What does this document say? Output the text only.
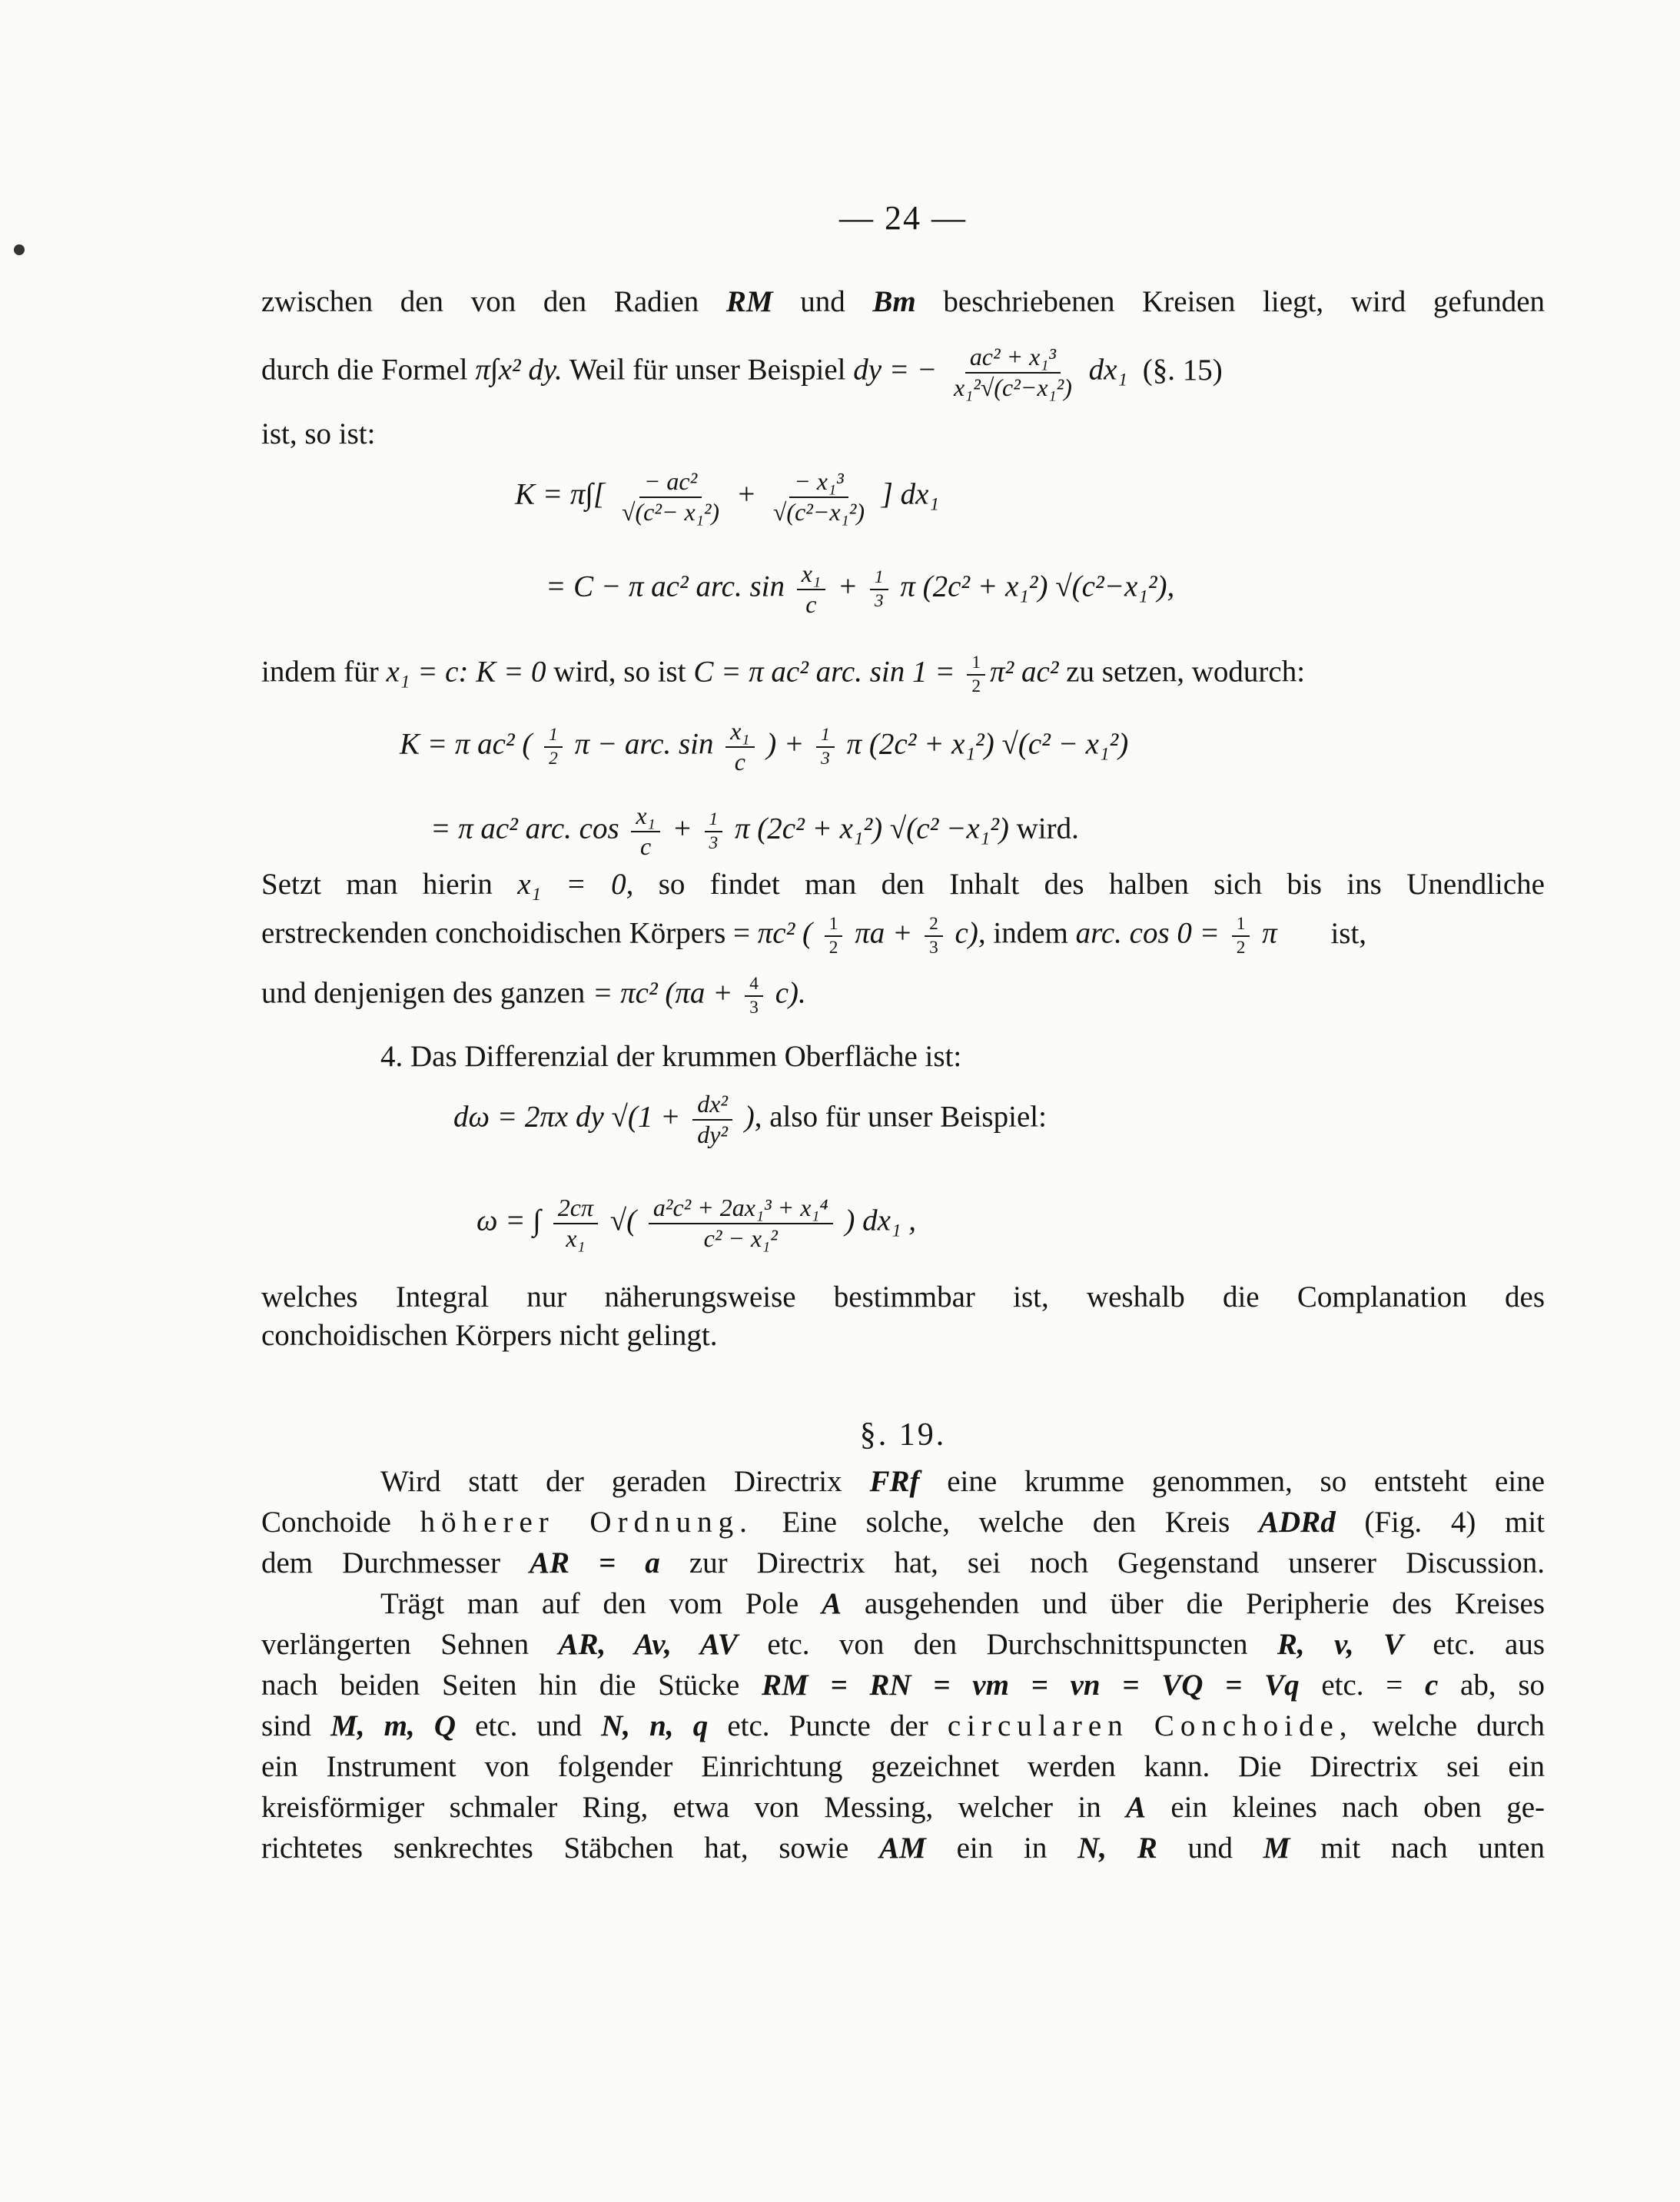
— 24 —
zwischen den von den Radien RM und Bm beschriebenen Kreisen liegt, wird gefunden
durch die Formel π∫x² dy. Weil für unser Beispiel dy = − $\frac{\text{ac² + x₁³}}{\text{x₁²√(c²−x₁²)}} dx_1$ (§. 15)
ist, so ist:
$K = \pi\int[ \frac{\text{− ac²}}{\text{√(c²− x₁²)}} + \frac{\text{− x₁³}}{\text{√(c²−x₁²)}}$ ] dx₁
= C − π ac² arc. $\sin \frac{\text{x₁}}{c} + \frac{1}{3}$ π (2c² + x₁²) √(c²−x₁²),
indem für x₁ = c: K = 0 wird, so ist C = π ac² arc. $\sin 1 = \frac{1}{2} \pi^2$ ac² zu setzen, wodurch:
K = π ac² ( $\frac{1}{2}$ π − arc. $\sin \frac{\text{x₁}}{c}$ ) + $\frac{1}{3}$ π (2c² + x₁²) √(c² − x₁²)
= π ac² arc. $\cos \frac{\text{x₁}}{c} + \frac{1}{3}$ π (2c² + x₁²) √(c² −x₁²) wird.
Setzt man hierin x₁ = 0, so findet man den Inhalt des halben sich bis ins Unendliche
erstreckenden conchoidischen Körpers = πc² ( $\frac{1}{2}$ $\pi a + \frac{2}{3} c$), indem arc. $\cos 0 = \frac{1}{2}$ π ist,
und denjenigen des ganzen = πc² $(\pi a + \frac{4}{3} c)$.
4. Das Differenzial der krummen Oberfläche ist:
dω = 2πx dy $√(1 + \frac{\text{dx²}}{\text{dy²}}$ ), also für unser Beispiel:
ω = ∫ $\frac{2c\pi}{\text{x₁}}$ √( $\frac{\text{a²c² + 2ax₁³ + x₁⁴}}{\text{c² − x₁²}}$ ) dx₁ ,
welches Integral nur näherungsweise bestimmbar ist, weshalb die Complanation des
conchoidischen Körpers nicht gelingt.
§. 19.
Wird statt der geraden Directrix FRf eine krumme genommen, so entsteht eine
Conchoide höherer Ordnung. Eine solche, welche den Kreis ADRd (Fig. 4) mit
dem Durchmesser AR = a zur Directrix hat, sei noch Gegenstand unserer Discussion.
Trägt man auf den vom Pole A ausgehenden und über die Peripherie des Kreises
verlängerten Sehnen AR, Av, AV etc. von den Durchschnittspuncten R, v, V etc. aus
nach beiden Seiten hin die Stücke RM = RN = vm = vn = VQ = Vq etc. = c ab, so
sind M, m, Q etc. und N, n, q etc. Puncte der circularen Conchoide, welche durch
ein Instrument von folgender Einrichtung gezeichnet werden kann. Die Directrix sei ein
kreisförmiger schmaler Ring, etwa von Messing, welcher in A ein kleines nach oben ge-
richtetes senkrechtes Stäbchen hat, sowie AM ein in N, R und M mit nach unten
